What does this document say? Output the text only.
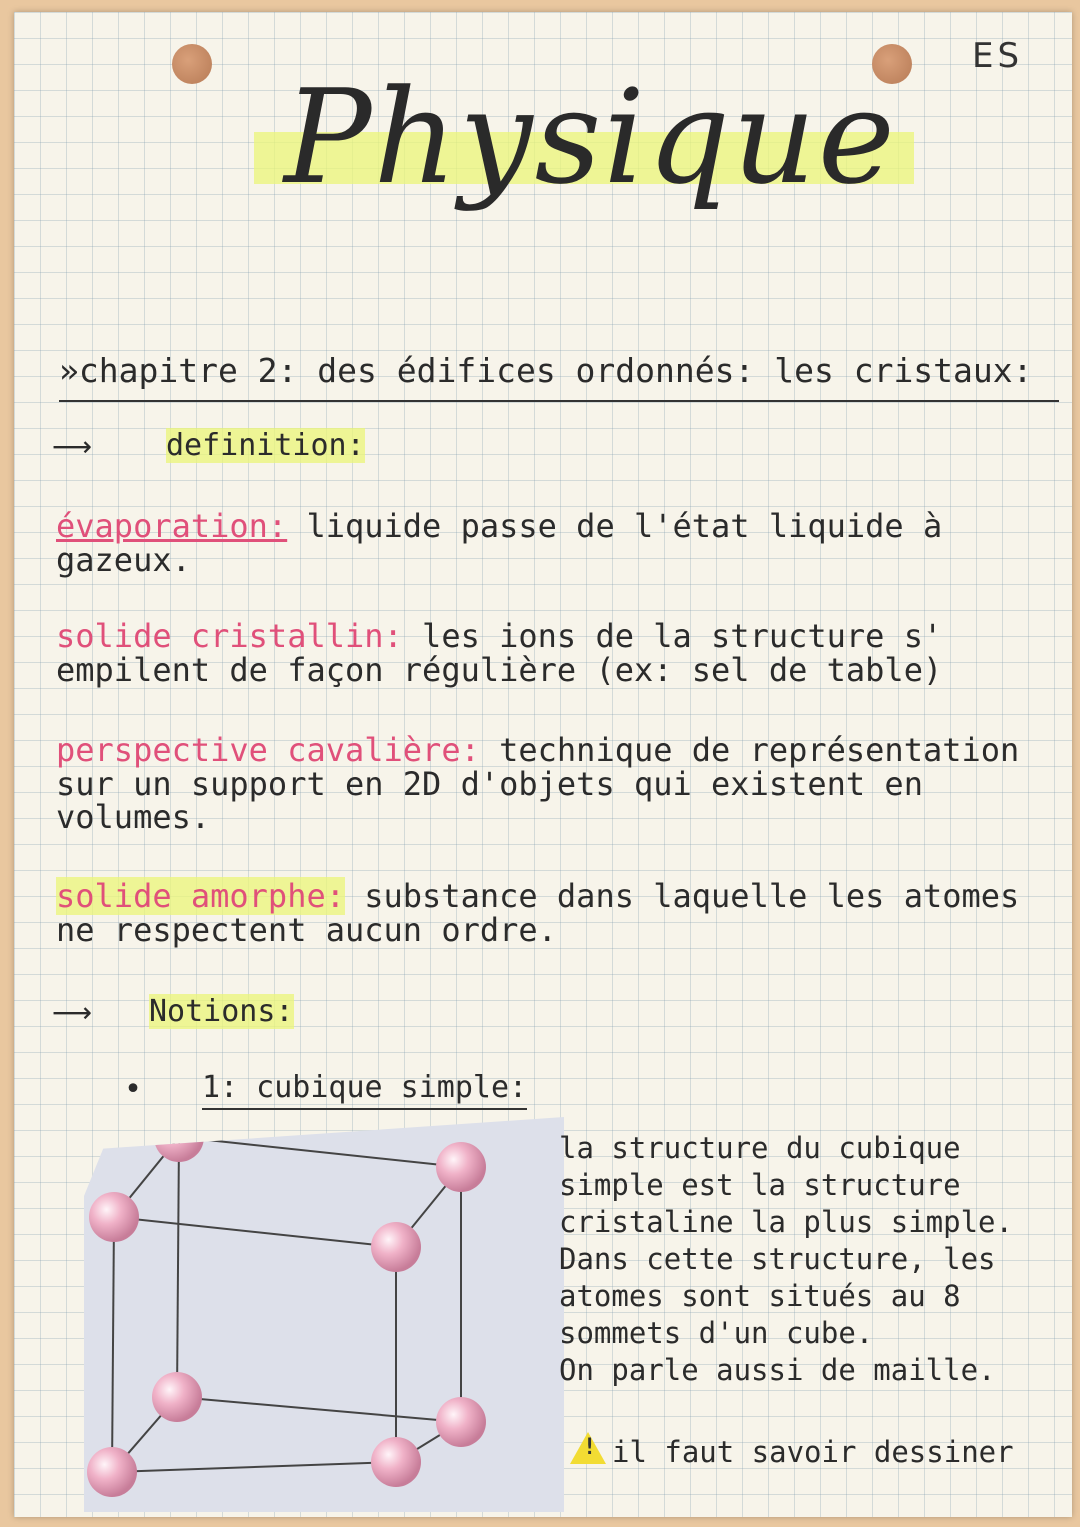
ES
Physique
»chapitre 2: des édifices ordonnés: les cristaux:
⟶ definition:
évaporation: liquide passe de l'état liquide à gazeux.
solide cristallin: les ions de la structure s' empilent de façon régulière (ex: sel de table)
perspective cavalière: technique de représentation sur un support en 2D d'objets qui existent en volumes.
solide amorphe: substance dans laquelle les atomes ne respectent aucun ordre.
⟶ Notions:
• 1: cubique simple:
la structure du cubique
simple est la structure
cristaline la plus simple.
Dans cette structure, les
atomes sont situés au 8
sommets d'un cube.
On parle aussi de maille.
!il faut savoir dessiner
